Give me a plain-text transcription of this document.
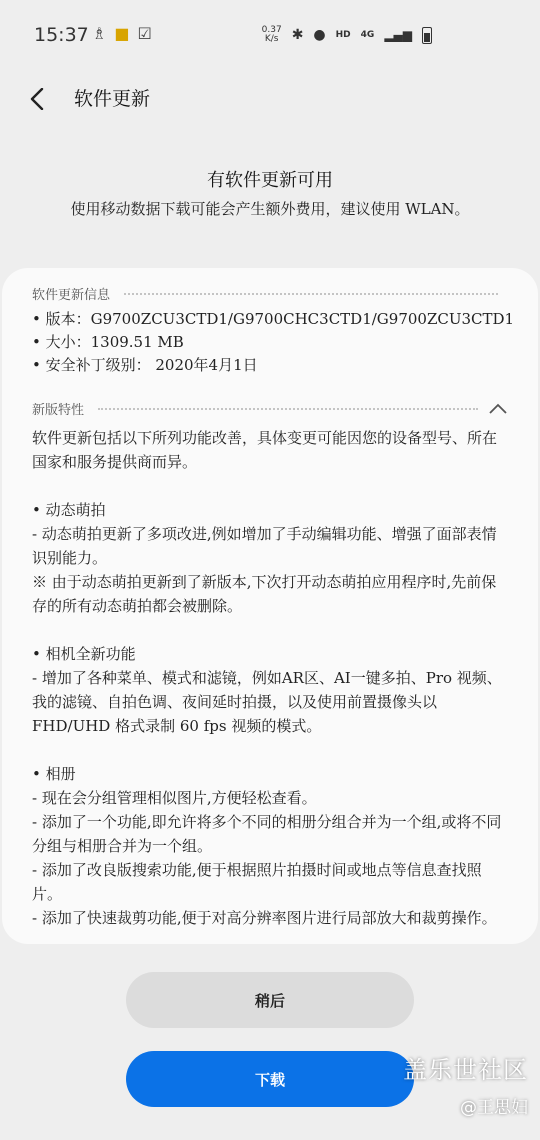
15:37 ♗ ■ ☑	0.37
K/s ✱ ● HD 4G ▂▄▆
软件更新
有软件更新可用
使用移动数据下载可能会产生额外费用，建议使用 WLAN。
软件更新信息
• 版本：G9700ZCU3CTD1/G9700CHC3CTD1/G9700ZCU3CTD1
• 大小：1309.51 MB
• 安全补丁级别： 2020年4月1日
新版特性

软件更新包括以下所列功能改善，具体变更可能因您的设备型号、所在国家和服务提供商而异。

• 动态萌拍

- 动态萌拍更新了多项改进,例如增加了手动编辑功能、增强了面部表情识别能力。

※ 由于动态萌拍更新到了新版本,下次打开动态萌拍应用程序时,先前保存的所有动态萌拍都会被删除。

• 相机全新功能

- 增加了各种菜单、模式和滤镜，例如AR区、AI一键多拍、Pro 视频、我的滤镜、自拍色调、夜间延时拍摄，以及使用前置摄像头以 FHD/UHD 格式录制 60 fps 视频的模式。

• 相册

- 现在会分组管理相似图片,方便轻松查看。

- 添加了一个功能,即允许将多个不同的相册分组合并为一个组,或将不同分组与相册合并为一个组。

- 添加了改良版搜索功能,便于根据照片拍摄时间或地点等信息查找照片。

- 添加了快速裁剪功能,便于对高分辨率图片进行局部放大和裁剪操作。

稍后
下载	盖乐世社区
@王思妇
